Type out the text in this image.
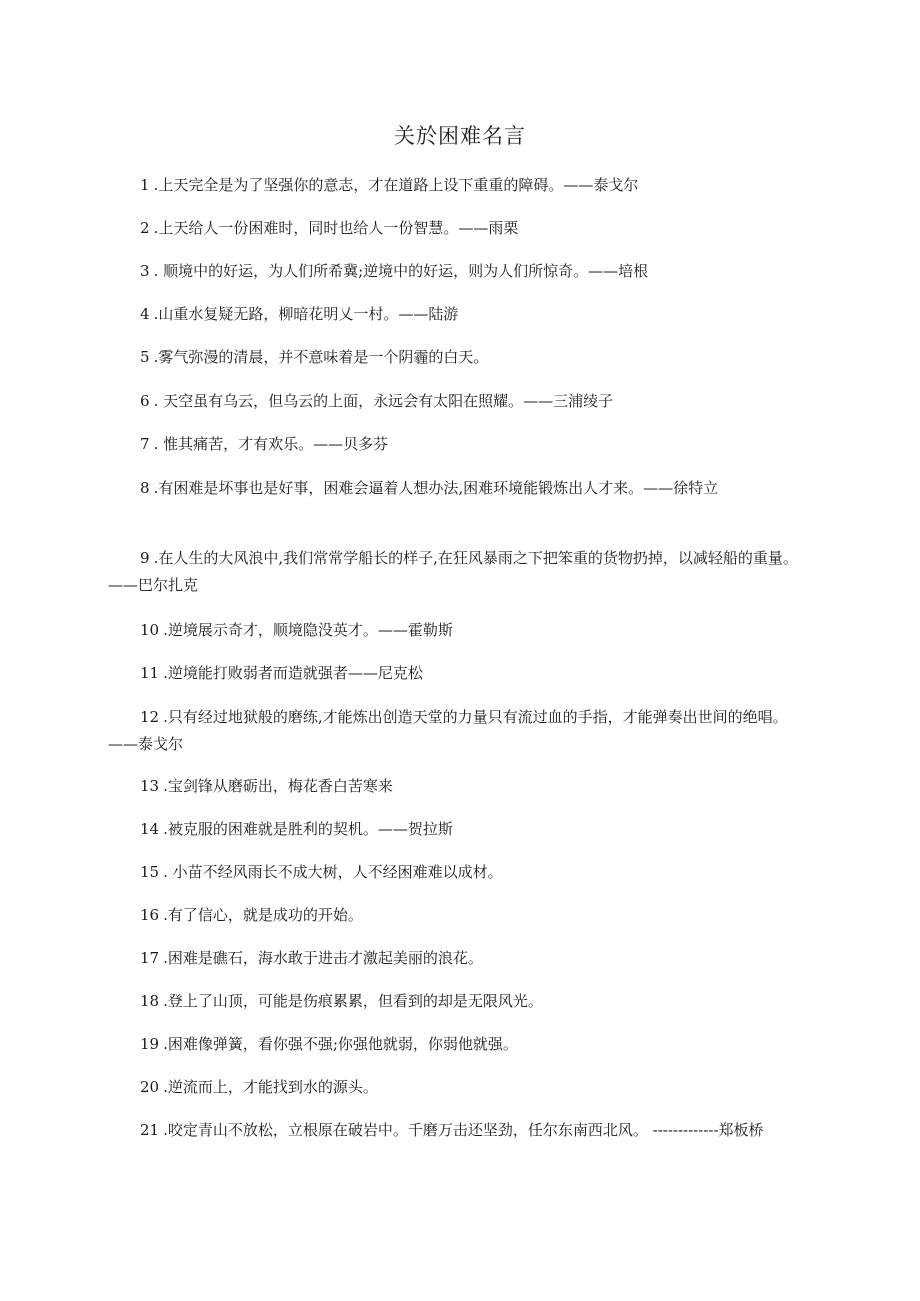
关於困难名言
1 .上天完全是为了坚强你的意志，才在道路上设下重重的障碍。——泰戈尔
2 .上天给人一份困难时，同时也给人一份智慧。——雨栗
3 . 顺境中的好运，为人们所希冀;逆境中的好运，则为人们所惊奇。——培根
4 .山重水复疑无路，柳暗花明乂一村。——陆游
5 .雾气弥漫的清晨，并不意味着是一个阴霾的白天。
6 . 天空虽有乌云，但乌云的上面，永远会有太阳在照耀。——三浦绫子
7 . 惟其痛苦，才有欢乐。——贝多芬
8 .有困难是坏事也是好事，困难会逼着人想办法,困难环境能锻炼出人才来。——徐特立
9 .在人生的大风浪中,我们常常学船长的样子,在狂风暴雨之下把笨重的货物扔掉，以减轻船的重量。——巴尔扎克
10 .逆境展示奇才，顺境隐没英才。——霍勒斯
11 .逆境能打败弱者而造就强者——尼克松
12 .只有经过地狱般的磨练,才能炼出创造天堂的力量只有流过血的手指，才能弹奏出世间的绝唱。——泰戈尔
13 .宝剑锋从磨砺出，梅花香白苦寒来
14 .被克服的困难就是胜利的契机。——贺拉斯
15 . 小苗不经风雨长不成大树，人不经困难难以成材。
16 .有了信心，就是成功的开始。
17 .困难是礁石，海水敢于进击才激起美丽的浪花。
18 .登上了山顶，可能是伤痕累累，但看到的却是无限风光。
19 .困难像弹簧，看你强不强;你强他就弱，你弱他就强。
20 .逆流而上，才能找到水的源头。
21 .咬定青山不放松，立根原在破岩中。千磨万击还坚劲，任尔东南西北风。 -------------郑板桥
